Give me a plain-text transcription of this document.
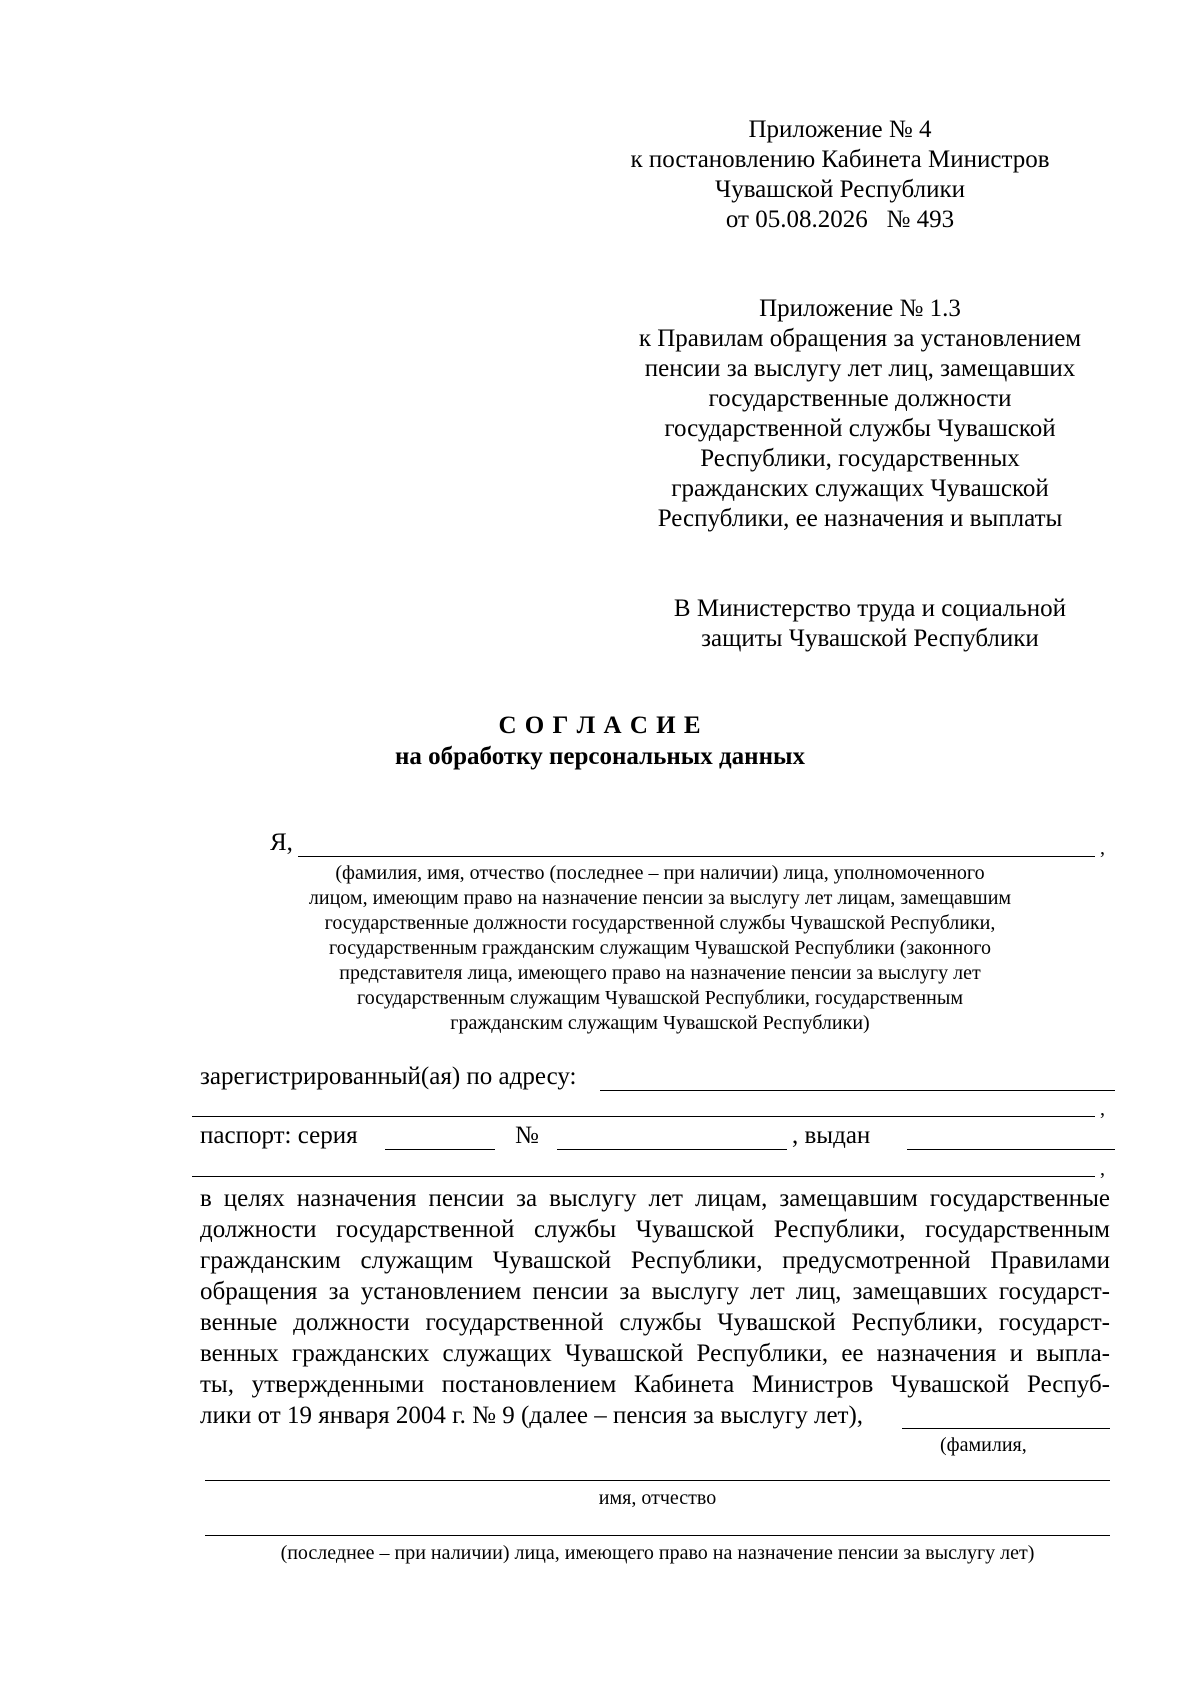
Приложение № 4
к постановлению Кабинета Министров
Чувашской Республики
от 05.08.2026   № 493
Приложение № 1.3
к Правилам обращения за установлением
пенсии за выслугу лет лиц, замещавших
государственные должности
государственной службы Чувашской
Республики, государственных
гражданских служащих Чувашской
Республики, ее назначения и выплаты
В Министерство труда и социальной
защиты Чувашской Республики
С О Г Л А С И Е
на обработку персональных данных
Я,	,
(фамилия, имя, отчество (последнее – при наличии) лица, уполномоченного
лицом, имеющим право на назначение пенсии за выслугу лет лицам, замещавшим
государственные должности государственной службы Чувашской Республики,
государственным гражданским служащим Чувашской Республики (законного
представителя лица, имеющего право на назначение пенсии за выслугу лет
государственным служащим Чувашской Республики, государственным
гражданским служащим Чувашской Республики)
зарегистрированный(ая) по адресу:
,
паспорт: серия	№	, выдан
,
в целях назначения пенсии за выслугу лет лицам, замещавшим государственные
должности государственной службы Чувашской Республики, государственным
гражданским служащим Чувашской Республики, предусмотренной Правилами
обращения за установлением пенсии за выслугу лет лиц, замещавших государст-
венные должности государственной службы Чувашской Республики, государст-
венных гражданских служащих Чувашской Республики, ее назначения и выпла-
ты, утвержденными постановлением Кабинета Министров Чувашской Респуб-
лики от 19 января 2004 г. № 9 (далее – пенсия за выслугу лет),
(фамилия,
имя, отчество
(последнее – при наличии) лица, имеющего право на назначение пенсии за выслугу лет)
